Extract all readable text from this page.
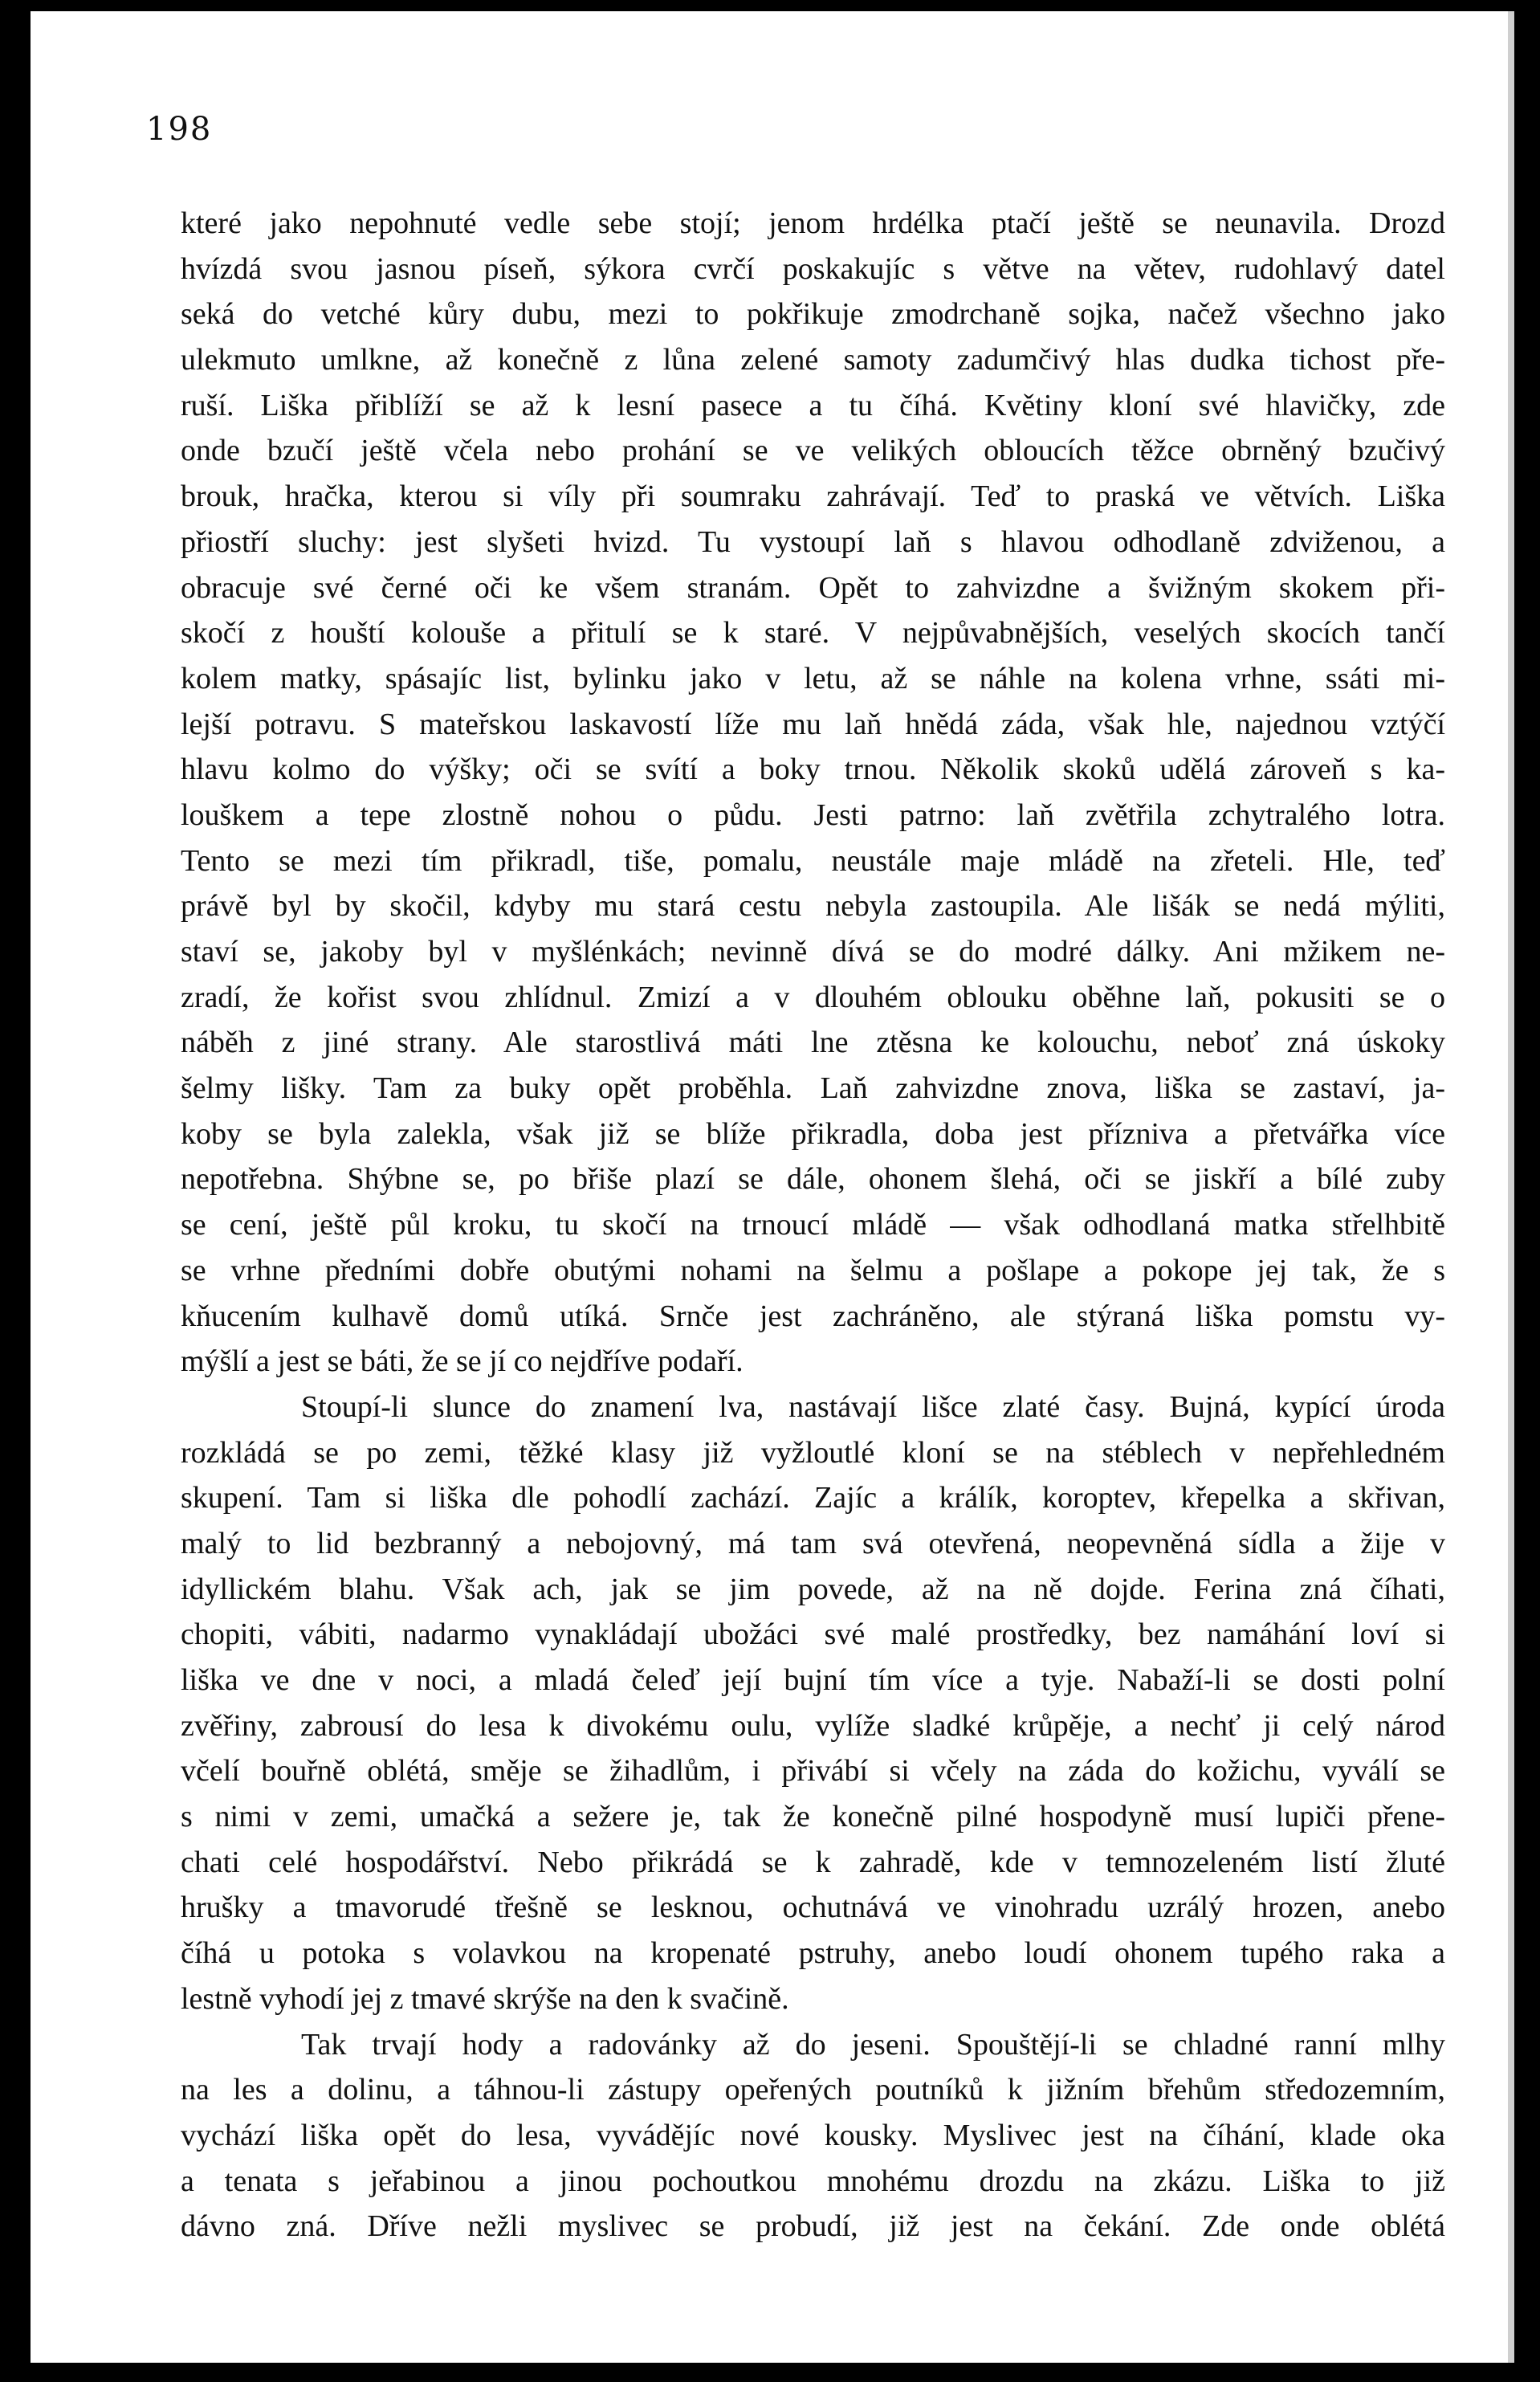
198
které jako nepohnuté vedle sebe stojí; jenom hrdélka ptačí ještě se neunavila. Drozd
hvízdá svou jasnou píseň, sýkora cvrčí poskakujíc s větve na větev, rudohlavý datel
seká do vetché kůry dubu, mezi to pokřikuje zmodrchaně sojka, načež všechno jako
ulekmuto umlkne, až konečně z lůna zelené samoty zadumčivý hlas dudka tichost pře-
ruší. Liška přiblíží se až k lesní pasece a tu číhá. Květiny kloní své hlavičky, zde
onde bzučí ještě včela nebo prohání se ve velikých obloucích těžce obrněný bzučivý
brouk, hračka, kterou si víly při soumraku zahrávají. Teď to praská ve větvích. Liška
přiostří sluchy: jest slyšeti hvizd. Tu vystoupí laň s hlavou odhodlaně zdviženou, a
obracuje své černé oči ke všem stranám. Opět to zahvizdne a švižným skokem při-
skočí z houští kolouše a přitulí se k staré. V nejpůvabnějších, veselých skocích tančí
kolem matky, spásajíc list, bylinku jako v letu, až se náhle na kolena vrhne, ssáti mi-
lejší potravu. S mateřskou laskavostí líže mu laň hnědá záda, však hle, najednou vztýčí
hlavu kolmo do výšky; oči se svítí a boky trnou. Několik skoků udělá zároveň s ka-
louškem a tepe zlostně nohou o půdu. Jesti patrno: laň zvětřila zchytralého lotra.
Tento se mezi tím přikradl, tiše, pomalu, neustále maje mládě na zřeteli. Hle, teď
právě byl by skočil, kdyby mu stará cestu nebyla zastoupila. Ale lišák se nedá mýliti,
staví se, jakoby byl v myšlénkách; nevinně dívá se do modré dálky. Ani mžikem ne-
zradí, že kořist svou zhlídnul. Zmizí a v dlouhém oblouku oběhne laň, pokusiti se o
náběh z jiné strany. Ale starostlivá máti lne ztěsna ke kolouchu, neboť zná úskoky
šelmy lišky. Tam za buky opět proběhla. Laň zahvizdne znova, liška se zastaví, ja-
koby se byla zalekla, však již se blíže přikradla, doba jest přízniva a přetvářka více
nepotřebna. Shýbne se, po břiše plazí se dále, ohonem šlehá, oči se jiskří a bílé zuby
se cení, ještě půl kroku, tu skočí na trnoucí mládě — však odhodlaná matka střelhbitě
se vrhne předními dobře obutými nohami na šelmu a pošlape a pokope jej tak, že s
kňucením kulhavě domů utíká. Srnče jest zachráněno, ale stýraná liška pomstu vy-
mýšlí a jest se báti, že se jí co nejdříve podaří.
Stoupí-li slunce do znamení lva, nastávají lišce zlaté časy. Bujná, kypící úroda
rozkládá se po zemi, těžké klasy již vyžloutlé kloní se na stéblech v nepřehledném
skupení. Tam si liška dle pohodlí zachází. Zajíc a králík, koroptev, křepelka a skřivan,
malý to lid bezbranný a nebojovný, má tam svá otevřená, neopevněná sídla a žije v
idyllickém blahu. Však ach, jak se jim povede, až na ně dojde. Ferina zná číhati,
chopiti, vábiti, nadarmo vynakládají ubožáci své malé prostředky, bez namáhání loví si
liška ve dne v noci, a mladá čeleď její bujní tím více a tyje. Nabaží-li se dosti polní
zvěřiny, zabrousí do lesa k divokému oulu, vylíže sladké krůpěje, a nechť ji celý národ
včelí bouřně oblétá, směje se žihadlům, i přivábí si včely na záda do kožichu, vyválí se
s nimi v zemi, umačká a sežere je, tak že konečně pilné hospodyně musí lupiči přene-
chati celé hospodářství. Nebo přikrádá se k zahradě, kde v temnozeleném listí žluté
hrušky a tmavorudé třešně se lesknou, ochutnává ve vinohradu uzrálý hrozen, anebo
číhá u potoka s volavkou na kropenaté pstruhy, anebo loudí ohonem tupého raka a
lestně vyhodí jej z tmavé skrýše na den k svačině.
Tak trvají hody a radovánky až do jeseni. Spouštějí-li se chladné ranní mlhy
na les a dolinu, a táhnou-li zástupy opeřených poutníků k jižním břehům středozemním,
vychází liška opět do lesa, vyvádějíc nové kousky. Myslivec jest na číhání, klade oka
a tenata s jeřabinou a jinou pochoutkou mnohému drozdu na zkázu. Liška to již
dávno zná. Dříve nežli myslivec se probudí, již jest na čekání. Zde onde oblétá
